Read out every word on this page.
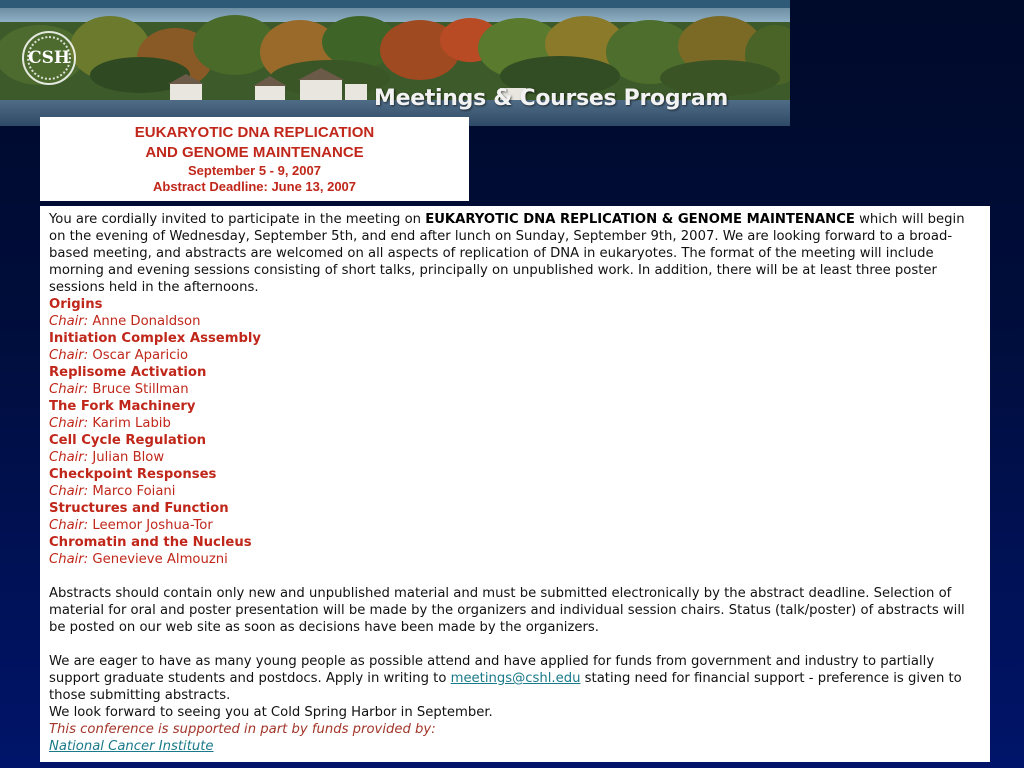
CSH
Meetings & Courses Program
EUKARYOTIC DNA REPLICATION
AND GENOME MAINTENANCE
September 5 - 9, 2007
Abstract Deadline: June 13, 2007

You are cordially invited to participate in the meeting on EUKARYOTIC DNA REPLICATION & GENOME MAINTENANCE which will begin on the evening of Wednesday, September 5th, and end after lunch on Sunday, September 9th, 2007. We are looking forward to a broad-based meeting, and abstracts are welcomed on all aspects of replication of DNA in eukaryotes. The format of the meeting will include morning and evening sessions consisting of short talks, principally on unpublished work. In addition, there will be at least three poster sessions held in the afternoons.

Origins
Chair: Anne Donaldson
Initiation Complex Assembly
Chair: Oscar Aparicio
Replisome Activation
Chair: Bruce Stillman
The Fork Machinery
Chair: Karim Labib
Cell Cycle Regulation
Chair: Julian Blow
Checkpoint Responses
Chair: Marco Foiani
Structures and Function
Chair: Leemor Joshua-Tor
Chromatin and the Nucleus
Chair: Genevieve Almouzni

Abstracts should contain only new and unpublished material and must be submitted electronically by the abstract deadline. Selection of material for oral and poster presentation will be made by the organizers and individual session chairs. Status (talk/poster) of abstracts will be posted on our web site as soon as decisions have been made by the organizers.

We are eager to have as many young people as possible attend and have applied for funds from government and industry to partially support graduate students and postdocs. Apply in writing to meetings@cshl.edu stating need for financial support - preference is given to those submitting abstracts.

We look forward to seeing you at Cold Spring Harbor in September.

This conference is supported in part by funds provided by:
National Cancer Institute
